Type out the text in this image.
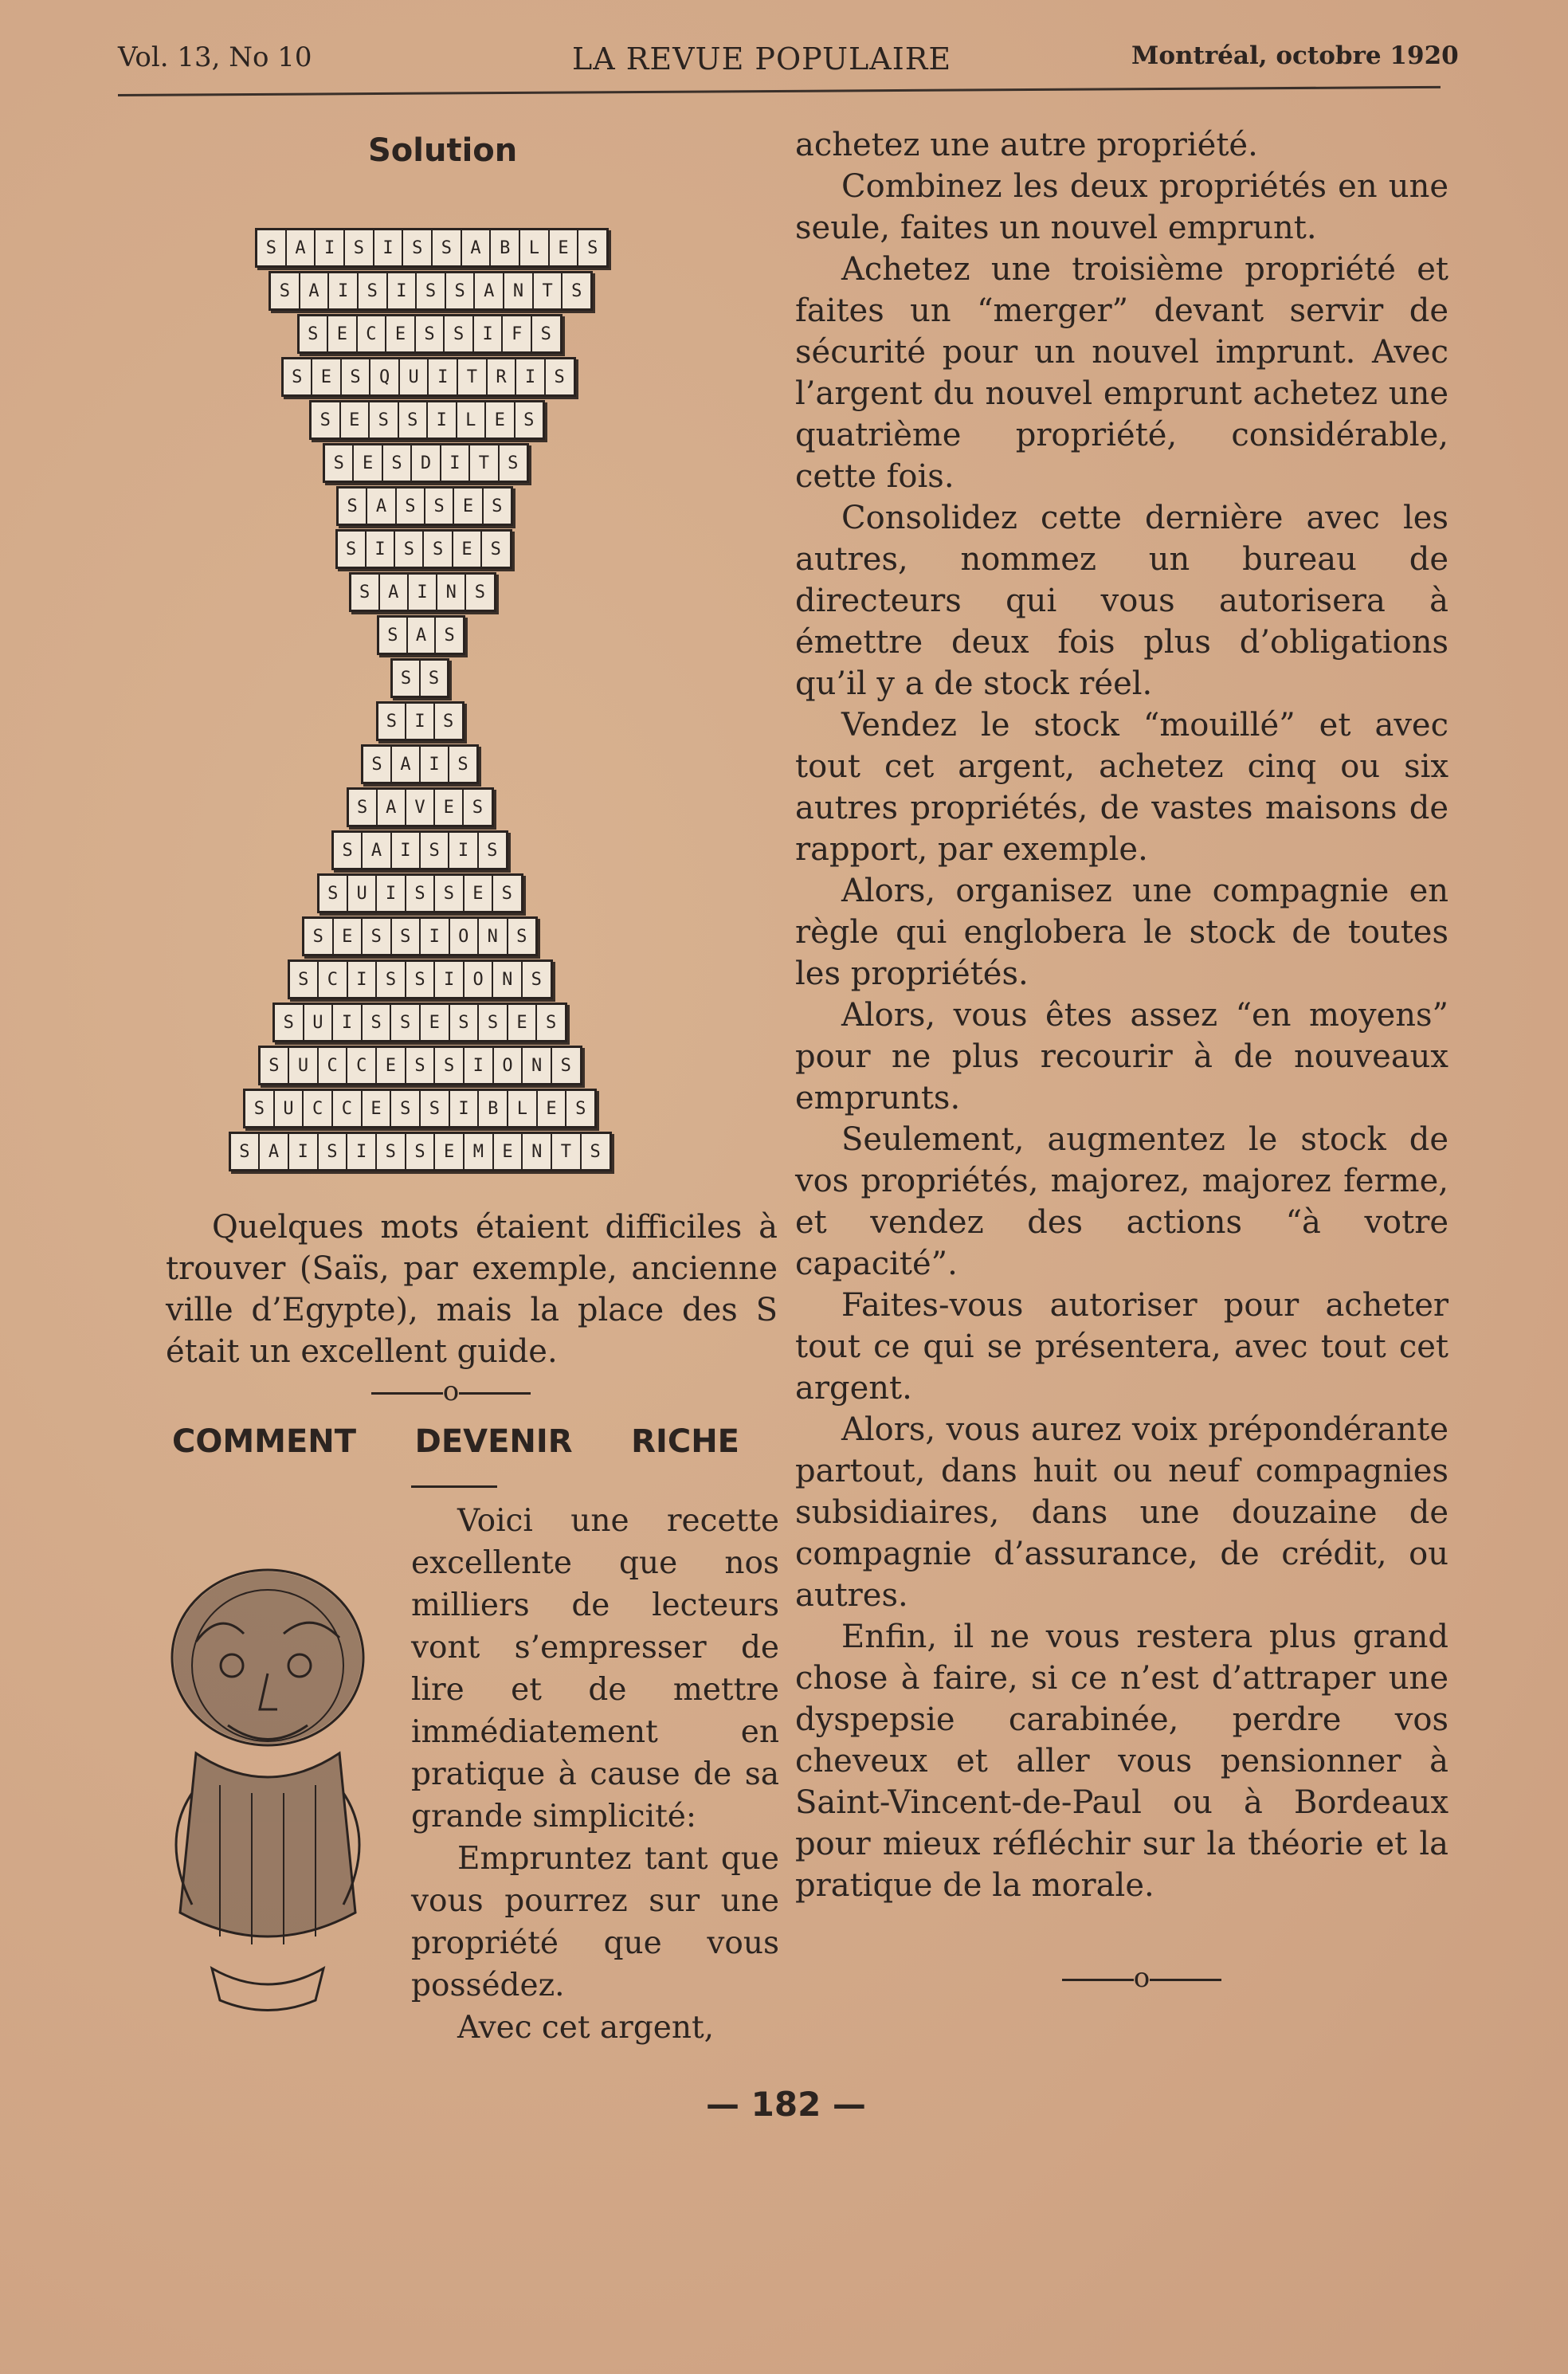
Vol. 13, No 10	LA REVUE POPULAIRE	Montréal, octobre 1920
Solution
S	A	I	S	I	S	S	A	B	L	E	S
S	A	I	S	I	S	S	A	N	T	S
S	E	C	E	S	S	I	F	S
S	E	S	Q	U	I	T	R	I	S
S	E	S	S	I	L	E	S
S	E	S	D	I	T	S
S	A	S	S	E	S
S	I	S	S	E	S
S	A	I	N	S
S	A	S
S S
S	I	S
S	A	I	S
S	A	V	E	S
S	A	I	S	I	S
S	U	I	S	S	E	S
S	E	S	S	I	O	N	S
S	C	I	S	S	I	O	N	S
S	U	I	S	S	E	S	S	E	S
S	U	C	C	E	S	S	I	O	N	S
S	U	C	C	E	S	S	I	B	L	E	S
S	A	I	S	I	S	S	E	M	E	N	T	S

Quelques mots étaient difficiles à trouver (Saïs, par exemple, ancienne ville d’Egypte), mais la place des S était un excellent guide.

o
COMMENT DEVENIR RICHE

Voici une recette excellente que nos milliers de lecteurs vont s’empresser de lire et de mettre immédiatement en pratique à cause de sa grande simplicité:

Empruntez tant que vous pourrez sur une propriété que vous possédez.

Avec cet argent,

achetez une autre propriété.

Combinez les deux propriétés en une seule, faites un nouvel emprunt.

Achetez une troisième propriété et faites un “merger” devant servir de sécurité pour un nouvel imprunt. Avec l’argent du nouvel emprunt achetez une quatrième propriété, considérable, cette fois.

Consolidez cette dernière avec les autres, nommez un bureau de directeurs qui vous autorisera à émettre deux fois plus d’obligations qu’il y a de stock réel.

Vendez le stock “mouillé” et avec tout cet argent, achetez cinq ou six autres propriétés, de vastes maisons de rapport, par exemple.

Alors, organisez une compagnie en règle qui englobera le stock de toutes les propriétés.

Alors, vous êtes assez “en moyens” pour ne plus recourir à de nouveaux emprunts.

Seulement, augmentez le stock de vos propriétés, majorez, majorez ferme, et vendez des actions “à votre capacité”.

Faites-vous autoriser pour acheter tout ce qui se présentera, avec tout cet argent.

Alors, vous aurez voix prépondérante partout, dans huit ou neuf compagnies subsidiaires, dans une douzaine de compagnie d’assurance, de crédit, ou autres.

Enfin, il ne vous restera plus grand chose à faire, si ce n’est d’attraper une dyspepsie carabinée, perdre vos cheveux et aller vous pensionner à Saint-Vincent-de-Paul ou à Bordeaux pour mieux réfléchir sur la théorie et la pratique de la morale.

o
— 182 —
